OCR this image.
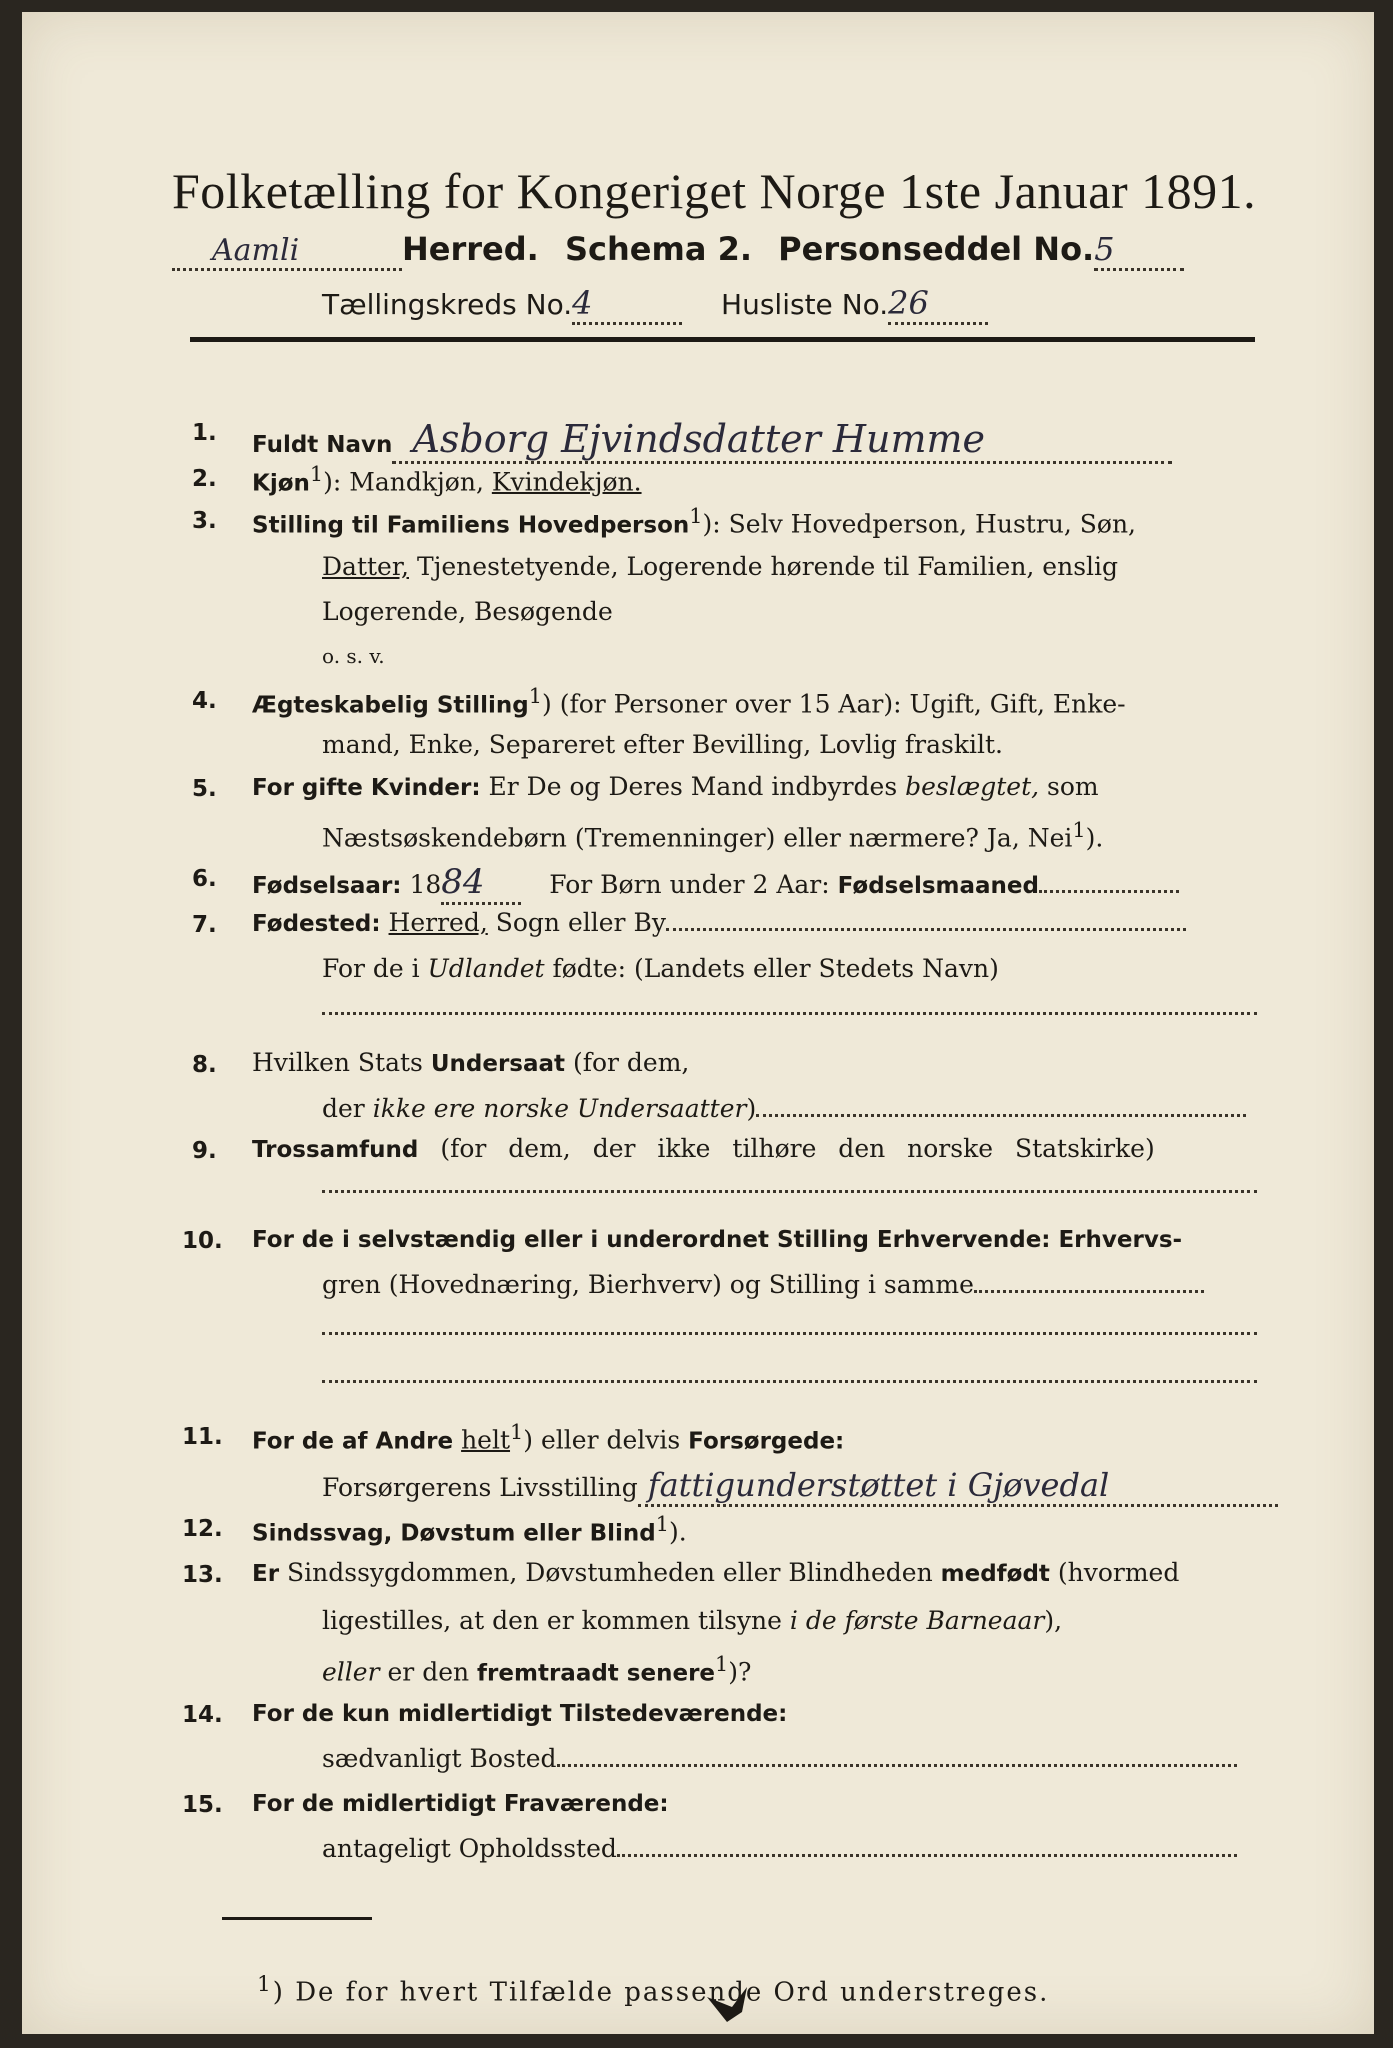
Folketælling for Kongeriget Norge 1ste Januar 1891.
Aamli	Herred. Schema 2. Personseddel No.5
Tællingskreds No.4	Husliste No.26
1. Fuldt Navn Asborg Ejvindsdatter Humme
2. Kjøn$^1$): Mandkjøn, Kvindekjøn.
3. Stilling til Familiens Hovedperson$^1$): Selv Hovedperson, Hustru, Søn,
Datter, Tjenestetyende, Logerende hørende til Familien, enslig
Logerende, Besøgende
o. s. v.
4. Ægteskabelig Stilling$^1$) (for Personer over 15 Aar): Ugift, Gift, Enke-
mand, Enke, Separeret efter Bevilling, Lovlig fraskilt.
5. For gifte Kvinder: Er De og Deres Mand indbyrdes beslægtet, som
Næstsøskendebørn (Tremenninger) eller nærmere? Ja, Nei$^1$).
6. Fødselsaar: 1884	For Børn under 2 Aar: Fødselsmaaned
7. Fødested: Herred, Sogn eller By
For de i Udlandet fødte: (Landets eller Stedets Navn)
8. Hvilken Stats Undersaat (for dem,
der ikke ere norske Undersaatter)
9. Trossamfund (for dem, der ikke tilhøre den norske Statskirke)
10. For de i selvstændig eller i underordnet Stilling Erhvervende: Erhvervs-
gren (Hovednæring, Bierhverv) og Stilling i samme
11. For de af Andre helt$^1$) eller delvis Forsørgede:
Forsørgerens Livsstilling fattigunderstøttet i Gjøvedal
12. Sindssvag, Døvstum eller Blind$^1$).
13. Er Sindssygdommen, Døvstumheden eller Blindheden medfødt (hvormed
ligestilles, at den er kommen tilsyne i de første Barneaar),
eller er den fremtraadt senere$^1$)?
14. For de kun midlertidigt Tilstedeværende:
sædvanligt Bosted
15. For de midlertidigt Fraværende:
antageligt Opholdssted
$^1$) De for hvert Tilfælde passende Ord understreges.
